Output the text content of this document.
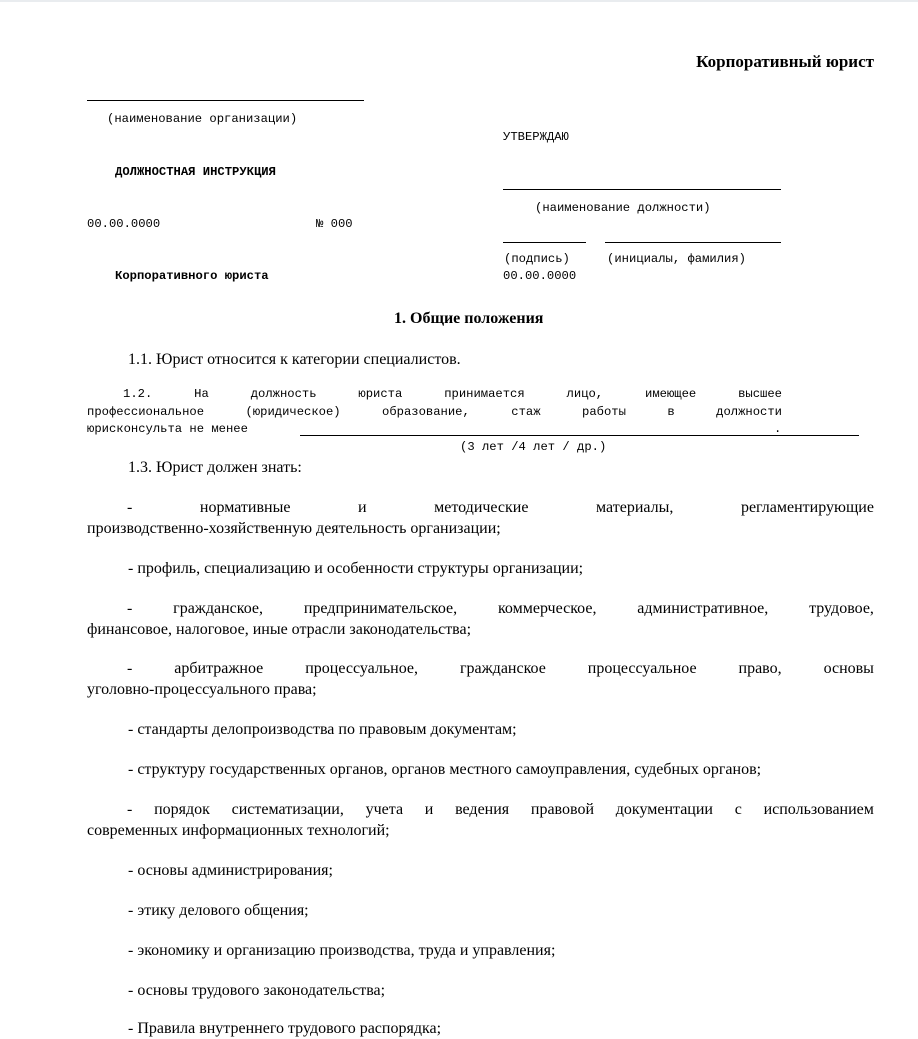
Корпоративный юрист
(наименование организации)
ДОЛЖНОСТНАЯ ИНСТРУКЦИЯ
00.00.0000	№ 000
Корпоративного юриста
УТВЕРЖДАЮ
(наименование должности)
(подпись)	(инициалы, фамилия)
00.00.0000
1. Общие положения
1.1. Юрист относится к категории специалистов.
1.2.	На	должность	юриста	принимается	лицо,	имеющее	высшее
профессиональное	(юридическое)	образование,	стаж	работы	в	должности
юрисконсульта не менее	.
(3 лет /4 лет / др.)
1.3. Юрист должен знать:
-	нормативные	и	методические	материалы,	регламентирующие
производственно-хозяйственную деятельность организации;
- профиль, специализацию и особенности структуры организации;
-	гражданское,	предпринимательское,	коммерческое,	административное,	трудовое,
финансовое, налоговое, иные отрасли законодательства;
-	арбитражное	процессуальное,	гражданское	процессуальное	право,	основы
уголовно-процессуального права;
- стандарты делопроизводства по правовым документам;
- структуру государственных органов, органов местного самоуправления, судебных органов;
- порядок систематизации, учета и ведения правовой документации с использованием
современных информационных технологий;
- основы администрирования;
- этику делового общения;
- экономику и организацию производства, труда и управления;
- основы трудового законодательства;
- Правила внутреннего трудового распорядка;
